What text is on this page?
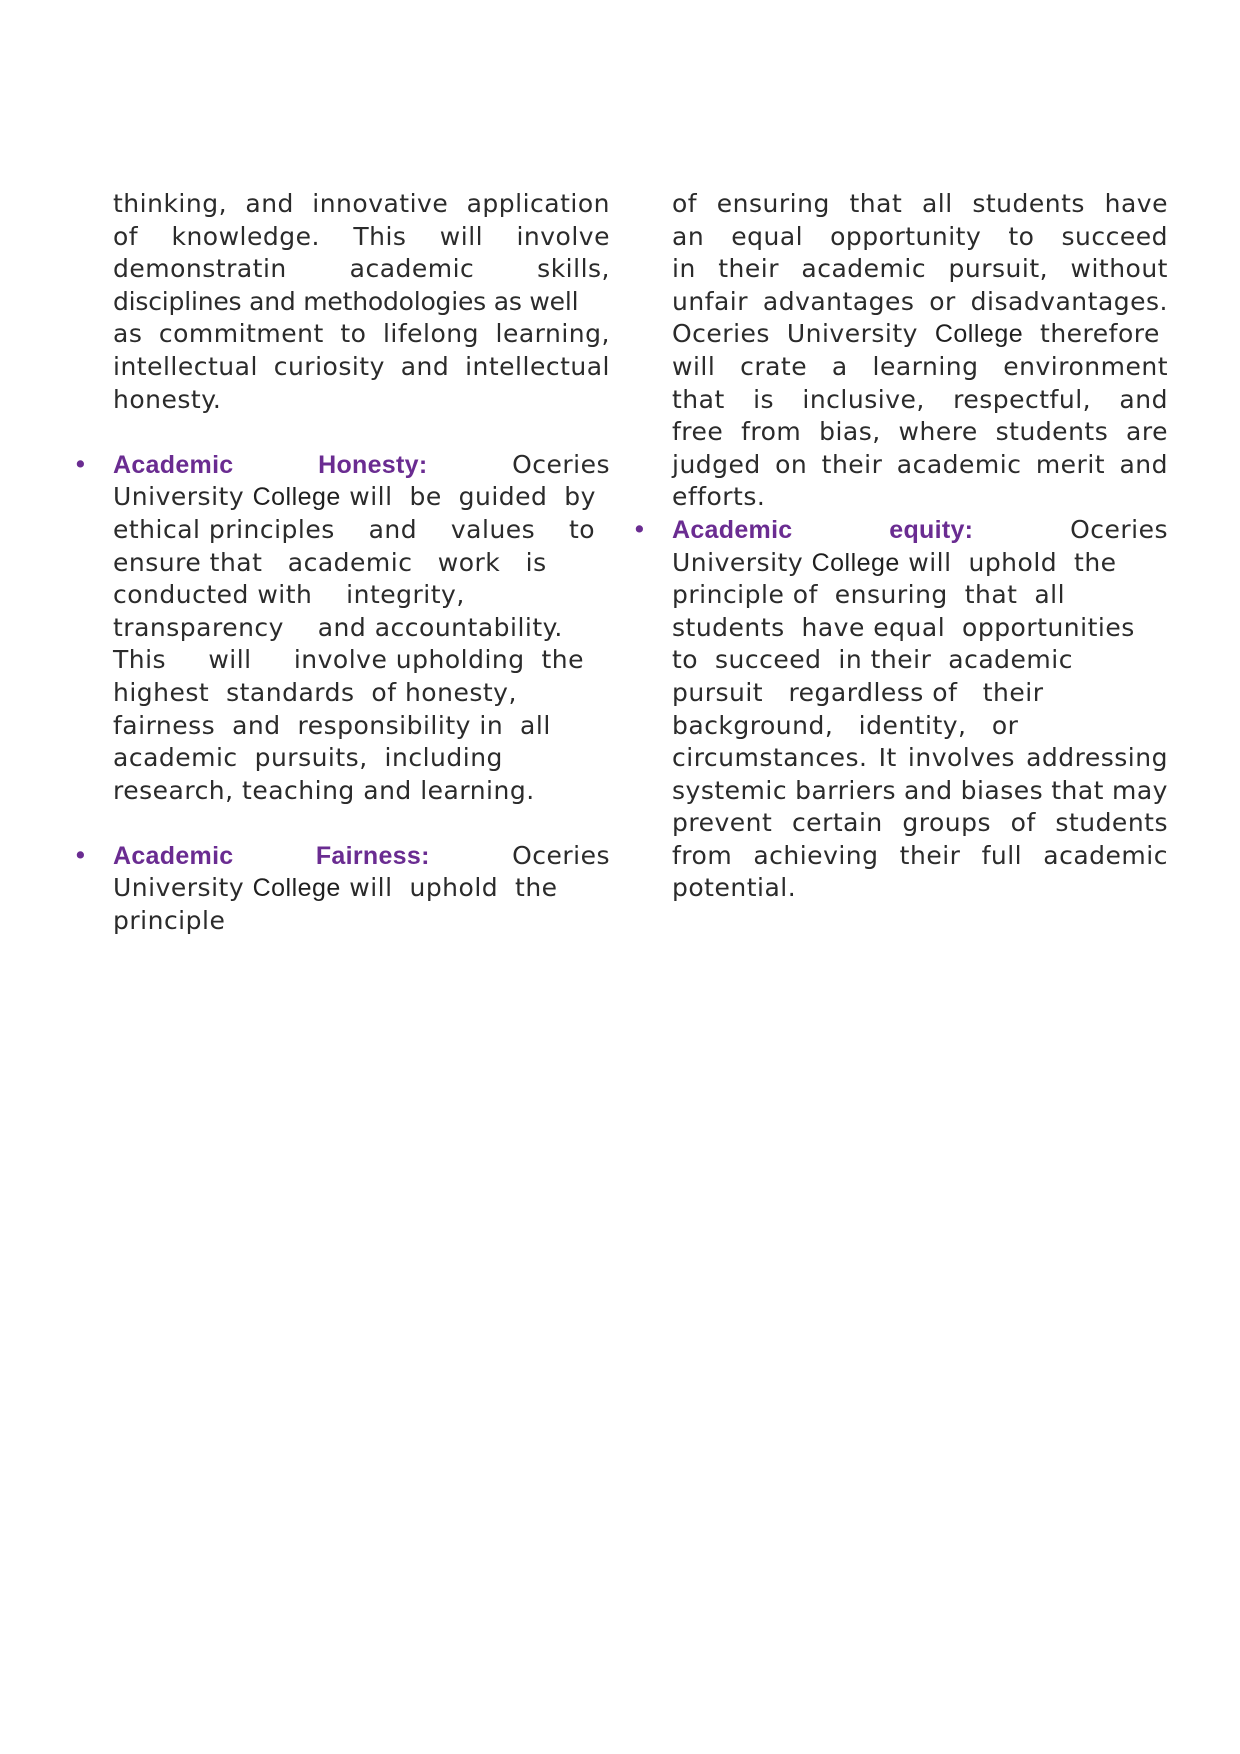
thinking, and innovative application
of knowledge. This will involve
demonstratin	academic	skills,
disciplines and methodologies as well
as commitment to lifelong learning,
intellectual curiosity and intellectual
honesty.
• Academic	Honesty:	Oceries
University College will  be  guided  by
ethical principles    and    values    to
ensure that   academic   work   is
conducted with    integrity,
transparency    and accountability.
This     will     involve upholding  the
highest  standards  of honesty,
fairness  and  responsibility in  all
academic  pursuits,  including
research, teaching and learning.
• Academic	Fairness:	Oceries
University College will  uphold  the
principle
of ensuring that all students have
an equal opportunity to succeed
in their academic pursuit, without
unfair advantages or disadvantages.
Oceries  University  College  therefore
will crate a learning environment
that is inclusive, respectful, and
free from bias, where students are
judged on their academic merit and
efforts.
• Academic	equity:	Oceries
University College will  uphold  the
principle of  ensuring  that  all
students  have equal  opportunities
to  succeed  in their  academic
pursuit   regardless of   their
background,   identity,   or
circumstances. It involves addressing
systemic barriers and biases that may
prevent certain groups of students
from achieving their full academic
potential.
